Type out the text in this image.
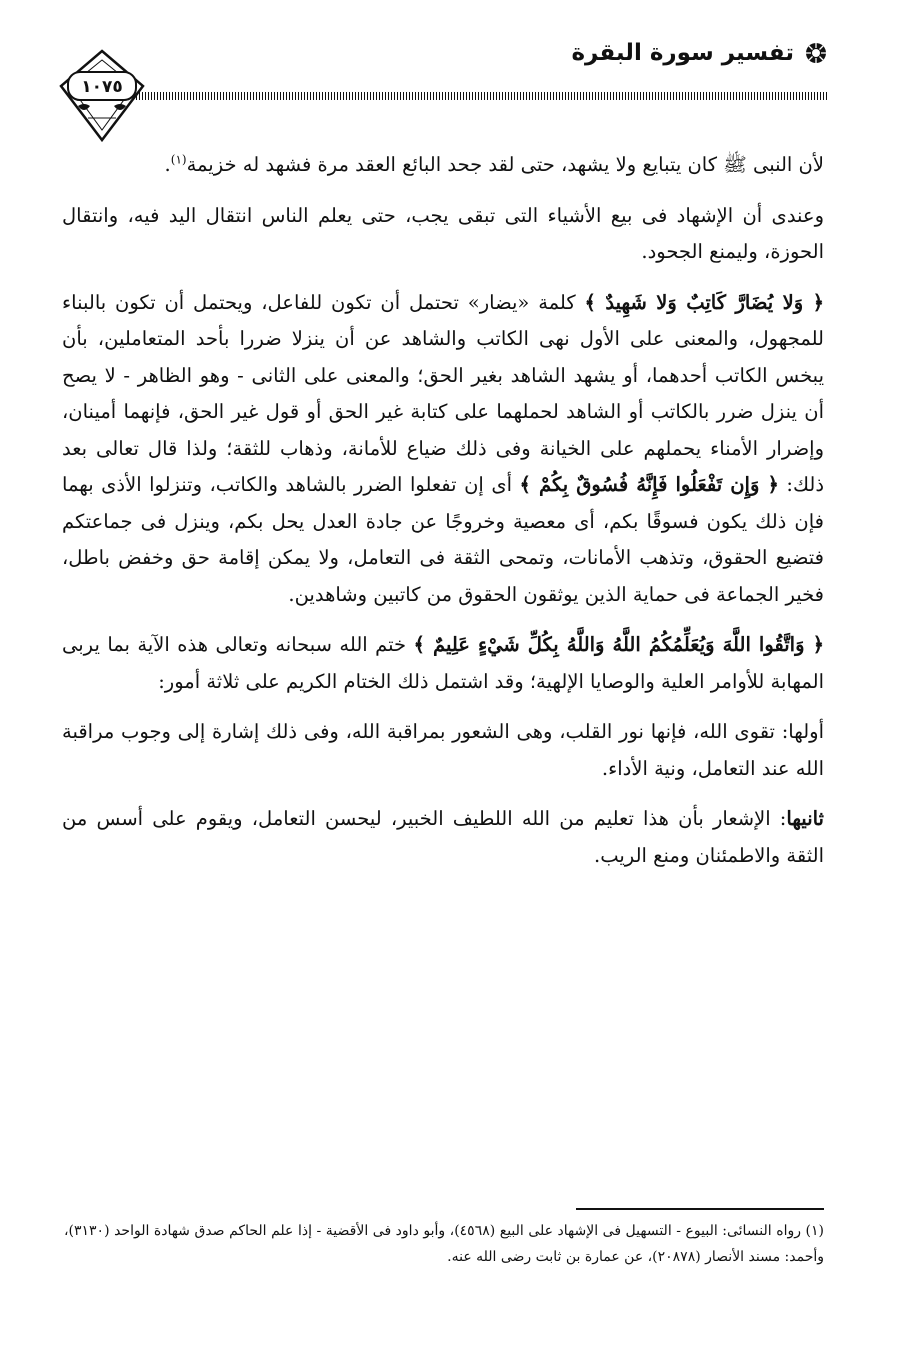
تفسير سورة البقرة
١٠٧٥

لأن النبى ﷺ كان يتبايع ولا يشهد، حتى لقد جحد البائع العقد مرة فشهد له خزيمة$^{(١)}$.

وعندى أن الإشهاد فى بيع الأشياء التى تبقى يجب، حتى يعلم الناس انتقال اليد فيه، وانتقال الحوزة، وليمنع الجحود.

﴿ وَلا يُضَارَّ كَاتِبٌ وَلا شَهِيدٌ ﴾ كلمة «يضار» تحتمل أن تكون للفاعل، ويحتمل أن تكون بالبناء للمجهول، والمعنى على الأول نهى الكاتب والشاهد عن أن ينزلا ضررا بأحد المتعاملين، بأن يبخس الكاتب أحدهما، أو يشهد الشاهد بغير الحق؛ والمعنى على الثانى - وهو الظاهر - لا يصح أن ينزل ضرر بالكاتب أو الشاهد لحملهما على كتابة غير الحق أو قول غير الحق، فإنهما أمينان، وإضرار الأمناء يحملهم على الخيانة وفى ذلك ضياع للأمانة، وذهاب للثقة؛ ولذا قال تعالى بعد ذلك: ﴿ وَإِن تَفْعَلُوا فَإِنَّهُ فُسُوقٌ بِكُمْ ﴾ أى إن تفعلوا الضرر بالشاهد والكاتب، وتنزلوا الأذى بهما فإن ذلك يكون فسوقًا بكم، أى معصية وخروجًا عن جادة العدل يحل بكم، وينزل فى جماعتكم فتضيع الحقوق، وتذهب الأمانات، وتمحى الثقة فى التعامل، ولا يمكن إقامة حق وخفض باطل، فخير الجماعة فى حماية الذين يوثقون الحقوق من كاتبين وشاهدين.

﴿ وَاتَّقُوا اللَّهَ وَيُعَلِّمُكُمُ اللَّهُ وَاللَّهُ بِكُلِّ شَيْءٍ عَلِيمٌ ﴾ ختم الله سبحانه وتعالى هذه الآية بما يربى المهابة للأوامر العلية والوصايا الإلهية؛ وقد اشتمل ذلك الختام الكريم على ثلاثة أمور:

أولها: تقوى الله، فإنها نور القلب، وهى الشعور بمراقبة الله، وفى ذلك إشارة إلى وجوب مراقبة الله عند التعامل، ونية الأداء.

ثانيها: الإشعار بأن هذا تعليم من الله اللطيف الخبير، ليحسن التعامل، ويقوم على أسس من الثقة والاطمئنان ومنع الريب.

(١) رواه النسائى: البيوع - التسهيل فى الإشهاد على البيع (٤٥٦٨)، وأبو داود فى الأقضية - إذا علم الحاكم صدق شهادة الواحد (٣١٣٠)، وأحمد: مسند الأنصار (٢٠٨٧٨)، عن عمارة بن ثابت رضى الله عنه.
